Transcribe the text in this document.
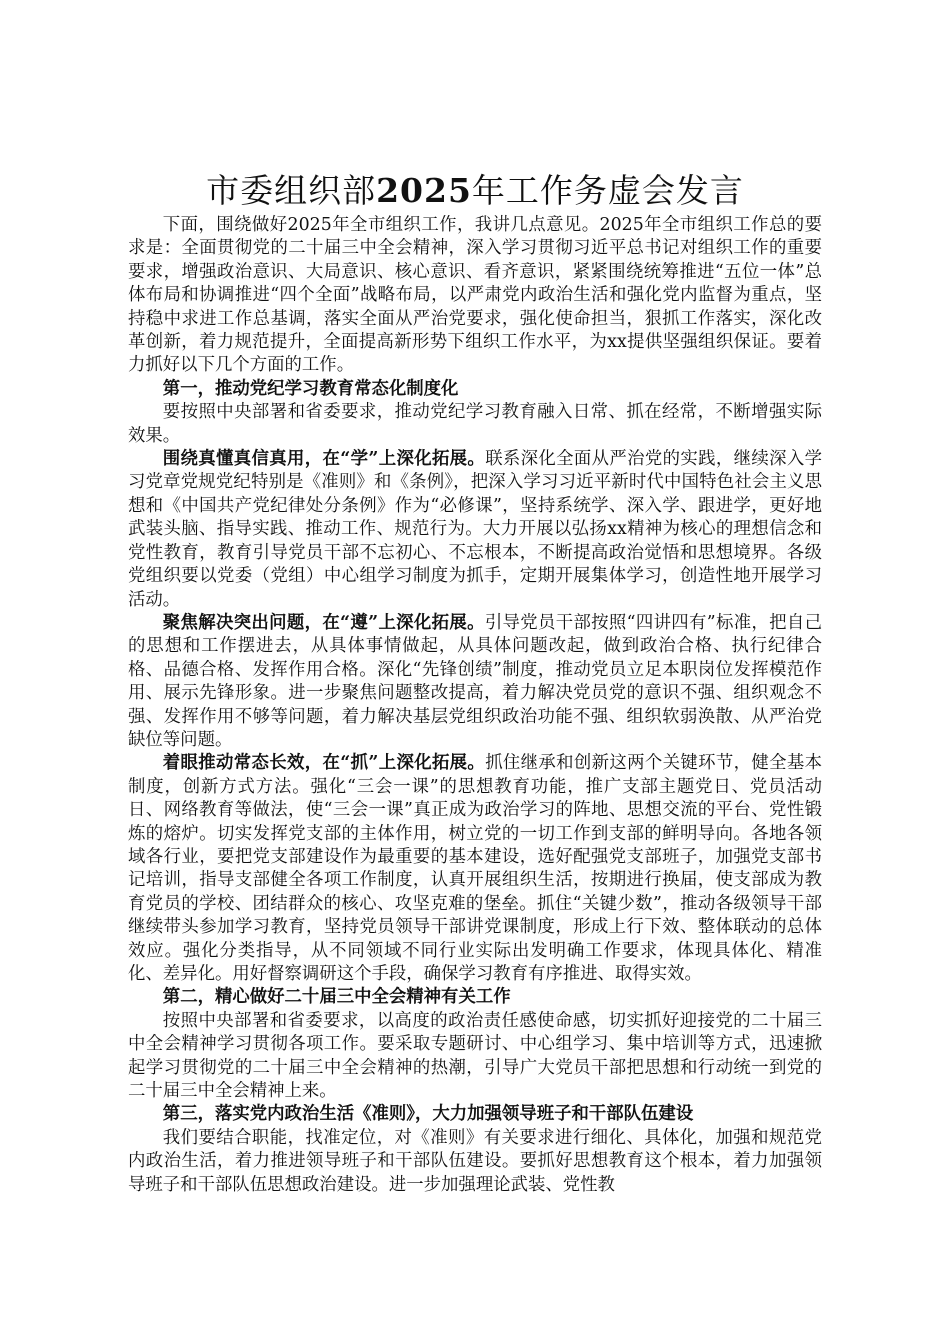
市委组织部2025年工作务虚会发言

下面，围绕做好2025年全市组织工作，我讲几点意见。2025年全市组织工作总的要求是：全面贯彻党的二十届三中全会精神，深入学习贯彻习近平总书记对组织工作的重要要求，增强政治意识、大局意识、核心意识、看齐意识，紧紧围绕统筹推进“五位一体”总体布局和协调推进“四个全面”战略布局，以严肃党内政治生活和强化党内监督为重点，坚持稳中求进工作总基调，落实全面从严治党要求，强化使命担当，狠抓工作落实，深化改革创新，着力规范提升，全面提高新形势下组织工作水平，为xx提供坚强组织保证。要着力抓好以下几个方面的工作。

第一，推动党纪学习教育常态化制度化

要按照中央部署和省委要求，推动党纪学习教育融入日常、抓在经常，不断增强实际效果。

围绕真懂真信真用，在“学”上深化拓展。联系深化全面从严治党的实践，继续深入学习党章党规党纪特别是《准则》和《条例》，把深入学习习近平新时代中国特色社会主义思想和《中国共产党纪律处分条例》作为“必修课”，坚持系统学、深入学、跟进学，更好地武装头脑、指导实践、推动工作、规范行为。大力开展以弘扬xx精神为核心的理想信念和党性教育，教育引导党员干部不忘初心、不忘根本，不断提高政治觉悟和思想境界。各级党组织要以党委（党组）中心组学习制度为抓手，定期开展集体学习，创造性地开展学习活动。

聚焦解决突出问题，在“遵”上深化拓展。引导党员干部按照“四讲四有”标准，把自己的思想和工作摆进去，从具体事情做起，从具体问题改起，做到政治合格、执行纪律合格、品德合格、发挥作用合格。深化“先锋创绩”制度，推动党员立足本职岗位发挥模范作用、展示先锋形象。进一步聚焦问题整改提高，着力解决党员党的意识不强、组织观念不强、发挥作用不够等问题，着力解决基层党组织政治功能不强、组织软弱涣散、从严治党缺位等问题。

着眼推动常态长效，在“抓”上深化拓展。抓住继承和创新这两个关键环节，健全基本制度，创新方式方法。强化“三会一课”的思想教育功能，推广支部主题党日、党员活动日、网络教育等做法，使“三会一课”真正成为政治学习的阵地、思想交流的平台、党性锻炼的熔炉。切实发挥党支部的主体作用，树立党的一切工作到支部的鲜明导向。各地各领域各行业，要把党支部建设作为最重要的基本建设，选好配强党支部班子，加强党支部书记培训，指导支部健全各项工作制度，认真开展组织生活，按期进行换届，使支部成为教育党员的学校、团结群众的核心、攻坚克难的堡垒。抓住“关键少数”，推动各级领导干部继续带头参加学习教育，坚持党员领导干部讲党课制度，形成上行下效、整体联动的总体效应。强化分类指导，从不同领域不同行业实际出发明确工作要求，体现具体化、精准化、差异化。用好督察调研这个手段，确保学习教育有序推进、取得实效。

第二，精心做好二十届三中全会精神有关工作

按照中央部署和省委要求，以高度的政治责任感使命感，切实抓好迎接党的二十届三中全会精神学习贯彻各项工作。要采取专题研讨、中心组学习、集中培训等方式，迅速掀起学习贯彻党的二十届三中全会精神的热潮，引导广大党员干部把思想和行动统一到党的二十届三中全会精神上来。

第三，落实党内政治生活《准则》，大力加强领导班子和干部队伍建设

我们要结合职能，找准定位，对《准则》有关要求进行细化、具体化，加强和规范党内政治生活，着力推进领导班子和干部队伍建设。要抓好思想教育这个根本，着力加强领导班子和干部队伍思想政治建设。进一步加强理论武装、党性教
